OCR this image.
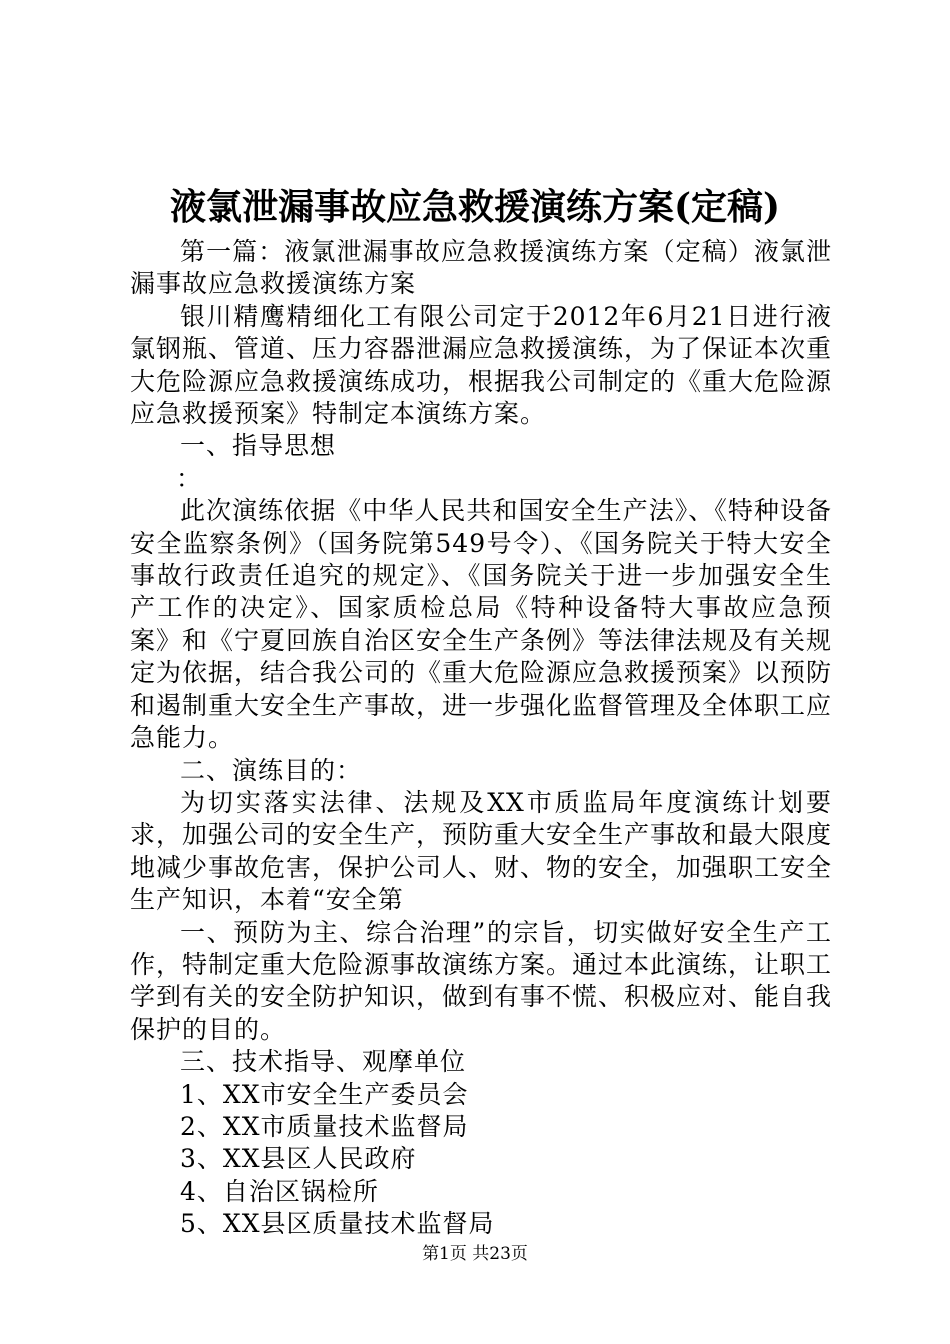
液氯泄漏事故应急救援演练方案(定稿)

第一篇：液氯泄漏事故应急救援演练方案（定稿）液氯泄漏事故应急救援演练方案

银川精鹰精细化工有限公司定于2012年6月21日进行液氯钢瓶、管道、压力容器泄漏应急救援演练，为了保证本次重大危险源应急救援演练成功，根据我公司制定的《重大危险源应急救援预案》特制定本演练方案。

一、指导思想

：

此次演练依据《中华人民共和国安全生产法》、《特种设备安全监察条例》（国务院第549号令）、《国务院关于特大安全事故行政责任追究的规定》、《国务院关于进一步加强安全生产工作的决定》、国家质检总局《特种设备特大事故应急预案》和《宁夏回族自治区安全生产条例》等法律法规及有关规定为依据，结合我公司的《重大危险源应急救援预案》以预防和遏制重大安全生产事故，进一步强化监督管理及全体职工应急能力。

二、演练目的：

为切实落实法律、法规及XX市质监局年度演练计划要求，加强公司的安全生产，预防重大安全生产事故和最大限度地减少事故危害，保护公司人、财、物的安全，加强职工安全生产知识，本着“安全第

一、预防为主、综合治理”的宗旨，切实做好安全生产工作，特制定重大危险源事故演练方案。通过本此演练，让职工学到有关的安全防护知识，做到有事不慌、积极应对、能自我保护的目的。

三、技术指导、观摩单位

1、XX市安全生产委员会

2、XX市质量技术监督局

3、XX县区人民政府

4、自治区锅检所

5、XX县区质量技术监督局

第1页 共23页
